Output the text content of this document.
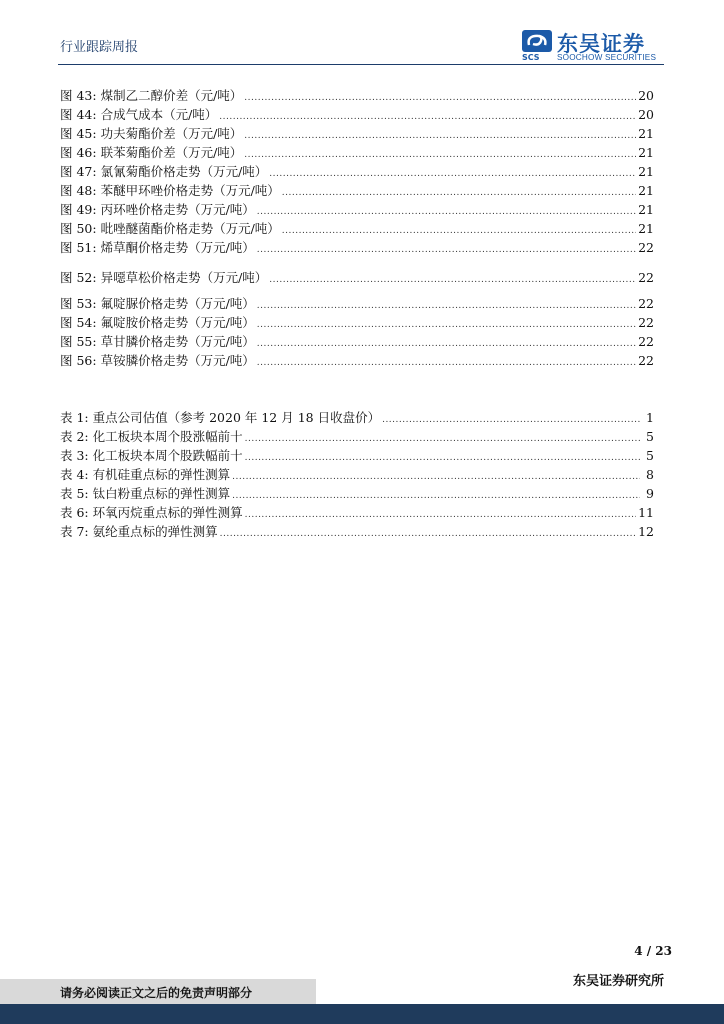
行业跟踪周报
SCS
东吴证券
SOOCHOW SECURITIES
图 43: 煤制乙二醇价差（元/吨） .....	20
图 44: 合成气成本（元/吨） .....	20
图 45: 功夫菊酯价差（万元/吨） .....	21
图 46: 联苯菊酯价差（万元/吨） .....	21
图 47: 氯氰菊酯价格走势（万元/吨） .....	21
图 48: 苯醚甲环唑价格走势（万元/吨） .....	21
图 49: 丙环唑价格走势（万元/吨） .....	21
图 50: 吡唑醚菌酯价格走势（万元/吨） .....	21
图 51: 烯草酮价格走势（万元/吨） .....	22
图 52: 异噁草松价格走势（万元/吨） .....	22
图 53: 氟啶脲价格走势（万元/吨） .....	22
图 54: 氟啶胺价格走势（万元/吨） .....	22
图 55: 草甘膦价格走势（万元/吨） .....	22
图 56: 草铵膦价格走势（万元/吨） .....	22
表 1: 重点公司估值（参考 2020 年 12 月 18 日收盘价） .....	1
表 2: 化工板块本周个股涨幅前十 .....	5
表 3: 化工板块本周个股跌幅前十 .....	5
表 4: 有机硅重点标的弹性测算 .....	8
表 5: 钛白粉重点标的弹性测算 .....	9
表 6: 环氧丙烷重点标的弹性测算 .....	11
表 7: 氨纶重点标的弹性测算 .....	12
4 / 23
东吴证券研究所
请务必阅读正文之后的免责声明部分
